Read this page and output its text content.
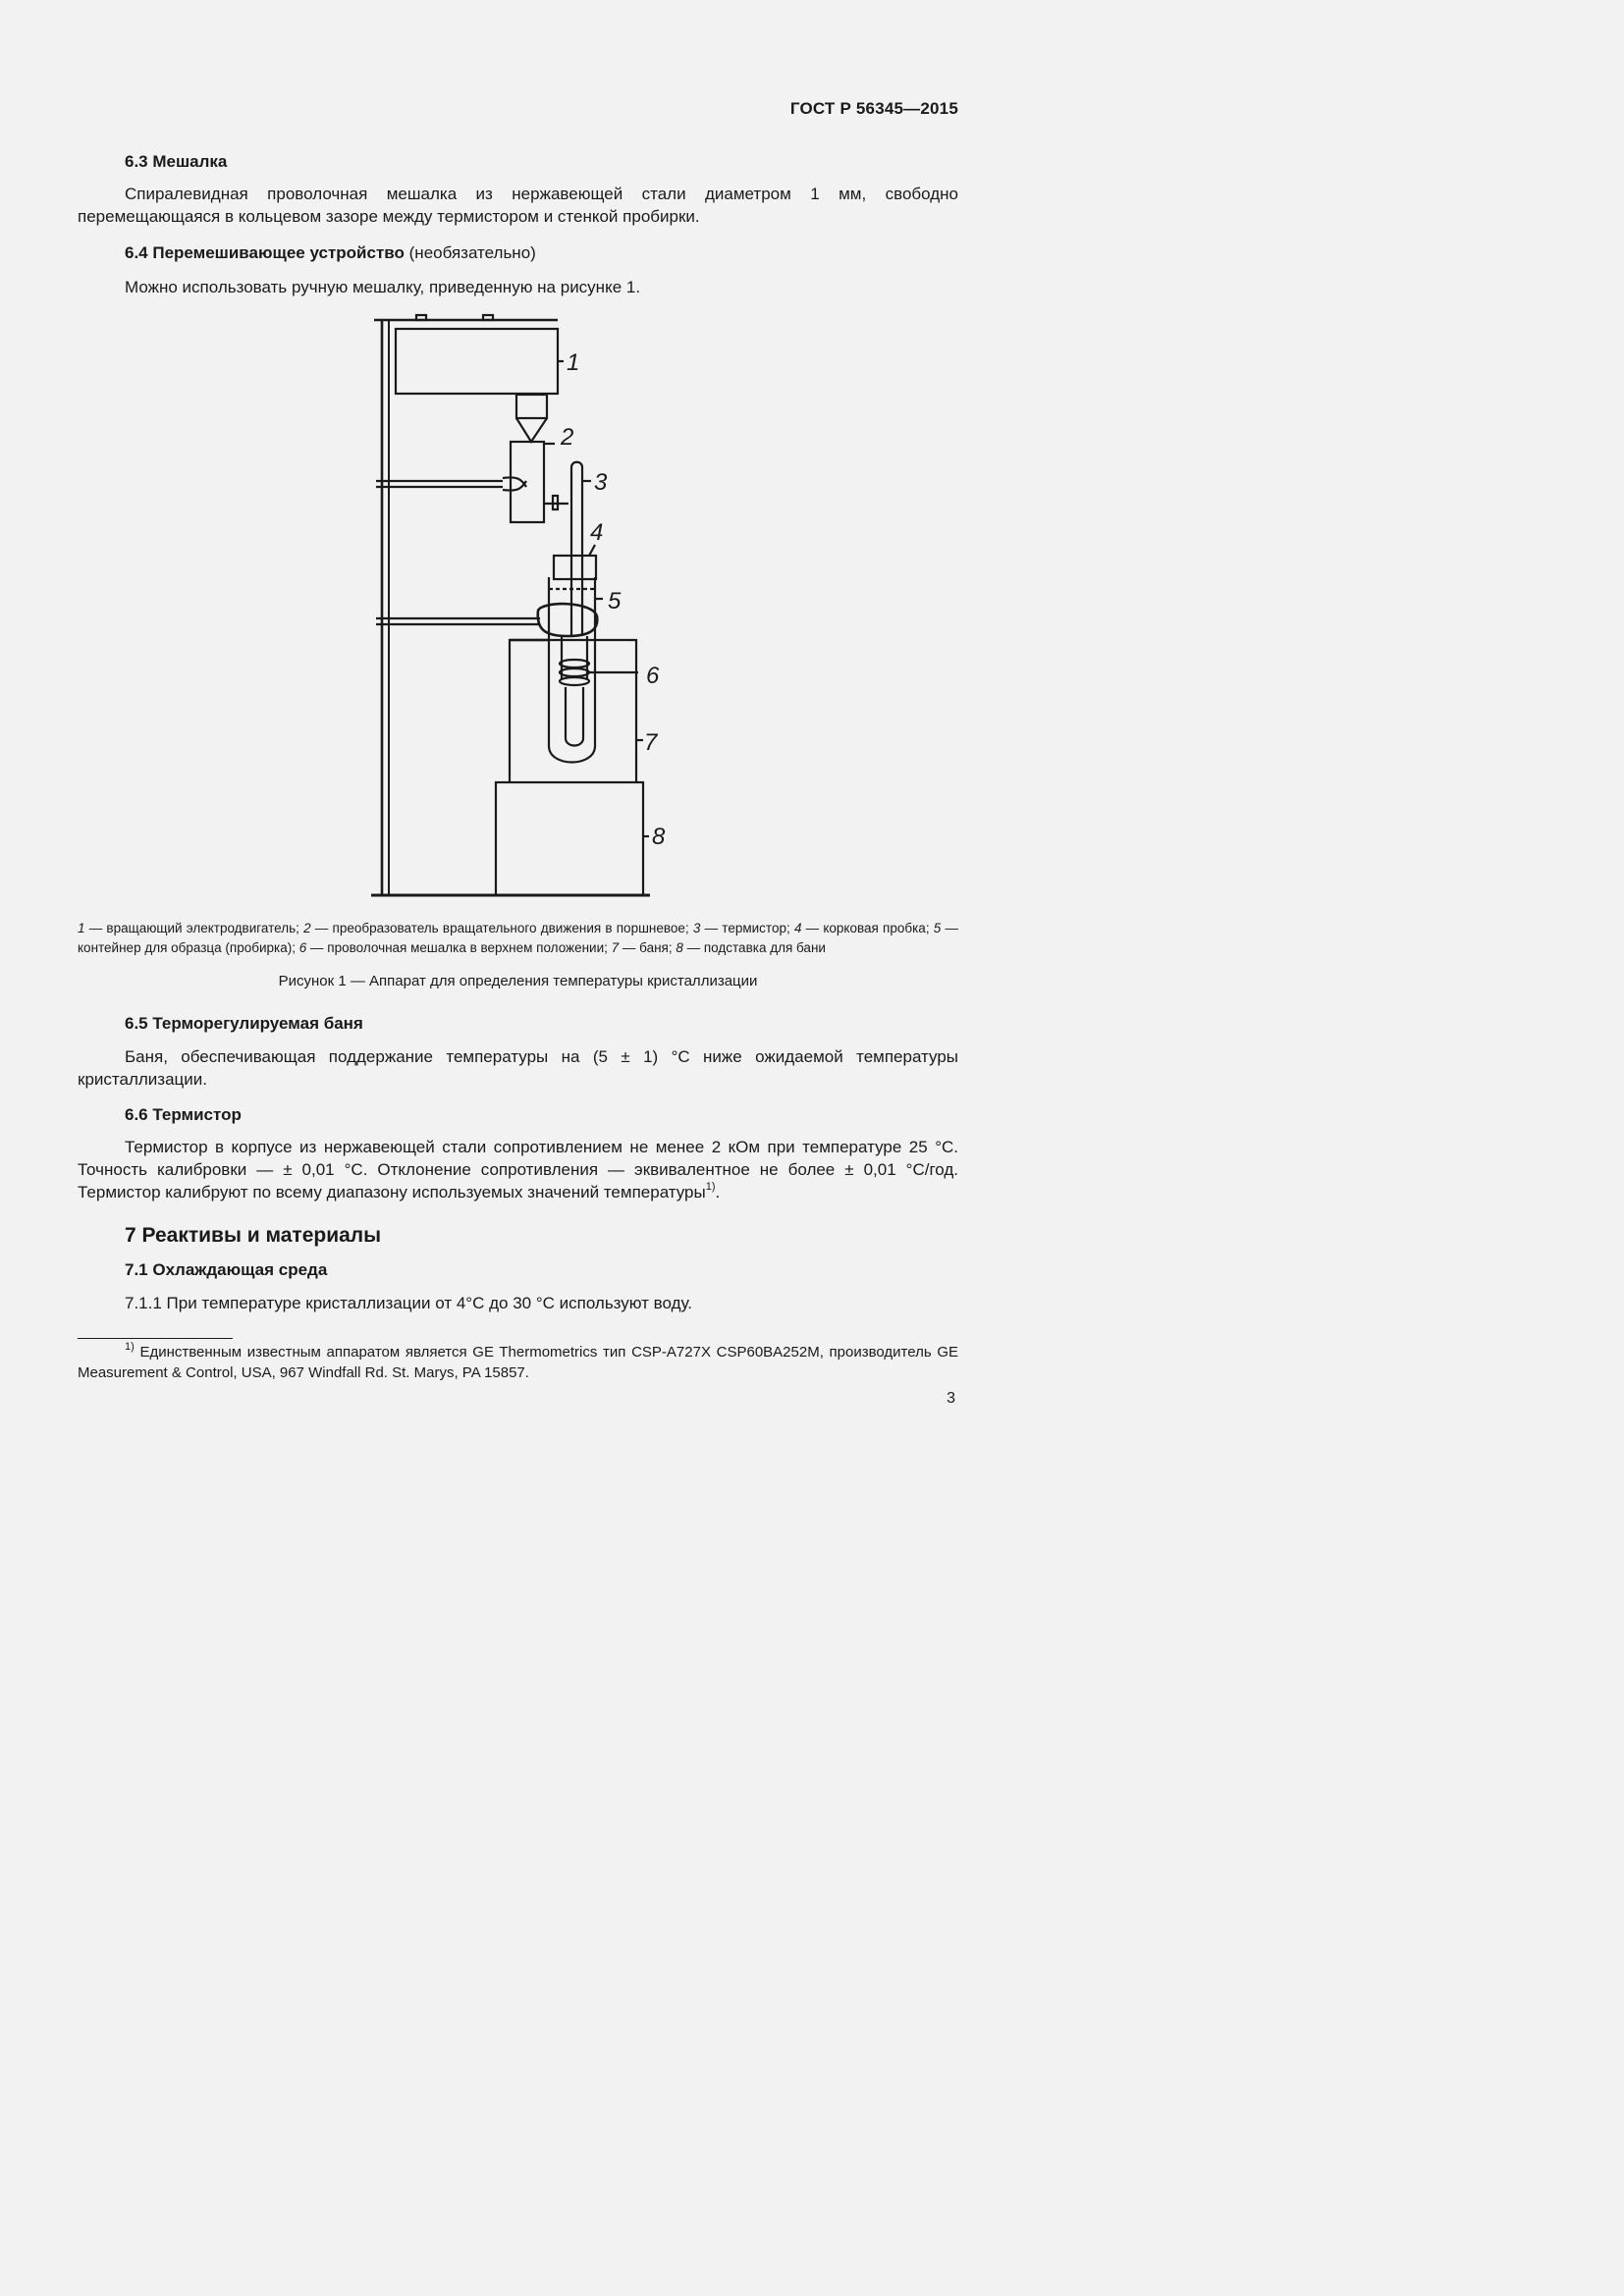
ГОСТ Р 56345—2015
6.3 Мешалка
Спиралевидная проволочная мешалка из нержавеющей стали диаметром 1 мм, свободно перемещающаяся в кольцевом зазоре между термистором и стенкой пробирки.
6.4 Перемешивающее устройство (необязательно)
Можно использовать ручную мешалку, приведенную на рисунке 1.
1
2
3
4
5
6
7
8
1 — вращающий электродвигатель; 2 — преобразователь вращательного движения в поршневое; 3 — термистор; 4 — корковая пробка; 5 — контейнер для образца (пробирка); 6 — проволочная мешалка в верхнем положении; 7 — баня; 8 — подставка для бани
Рисунок 1 — Аппарат для определения температуры кристаллизации
6.5 Терморегулируемая баня
Баня, обеспечивающая поддержание температуры на (5 ± 1) °С ниже ожидаемой температуры кристаллизации.
6.6 Термистор
Термистор в корпусе из нержавеющей стали сопротивлением не менее 2 кОм при температуре 25 °С. Точность калибровки — ± 0,01 °С. Отклонение сопротивления — эквивалентное не более ± 0,01 °С/год. Термистор калибруют по всему диапазону используемых значений температуры$^{1)}$.
7 Реактивы и материалы
7.1 Охлаждающая среда
7.1.1 При температуре кристаллизации от 4°С до 30 °С используют воду.
$^{1)}$ Единственным известным аппаратом является GE Thermometrics тип CSP-A727X CSP60BA252M, производитель GE Measurement & Control, USA, 967 Windfall Rd. St. Marys, PA 15857.
3
